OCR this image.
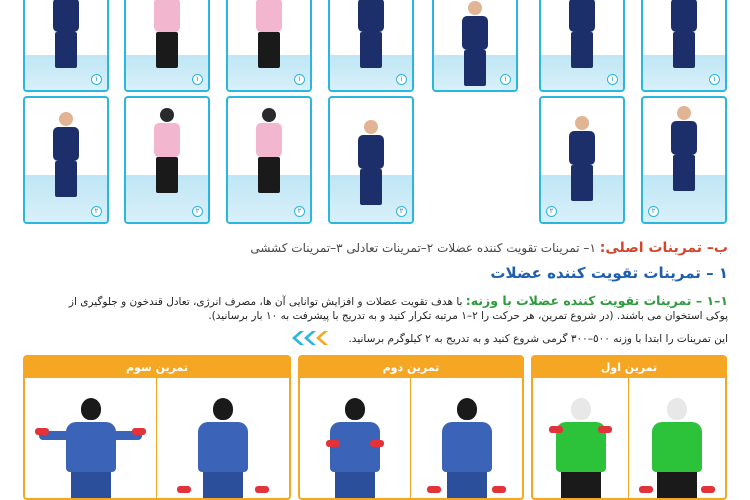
١	١	١	١	١	١	١
٢	٢	٢	٢	٢	٢
ب– تمرینات اصلی: ١– تمرینات تقویت کننده عضلات ٢–تمرینات تعادلی ٣–تمرینات کششی
١ – تمرینات تقویت کننده عضلات
١–١ – تمرینات تقویت کننده عضلات با وزنه: با هدف تقویت عضلات و افزایش توانایی آن ها، مصرف انرژی، تعادل قندخون و جلوگیری از
پوکی استخوان می باشند. (در شروع تمرین، هر حرکت را ٢–١ مرتبه تکرار کنید و به تدریج با پیشرفت به ١٠ بار برسانید).
این تمرینات را ابتدا با وزنه ٥٠٠–٣٠٠ گرمی شروع کنید و به تدریج به ٢ کیلوگرم برسانید.
تمرین سوم	تمرین دوم	تمرین اول
